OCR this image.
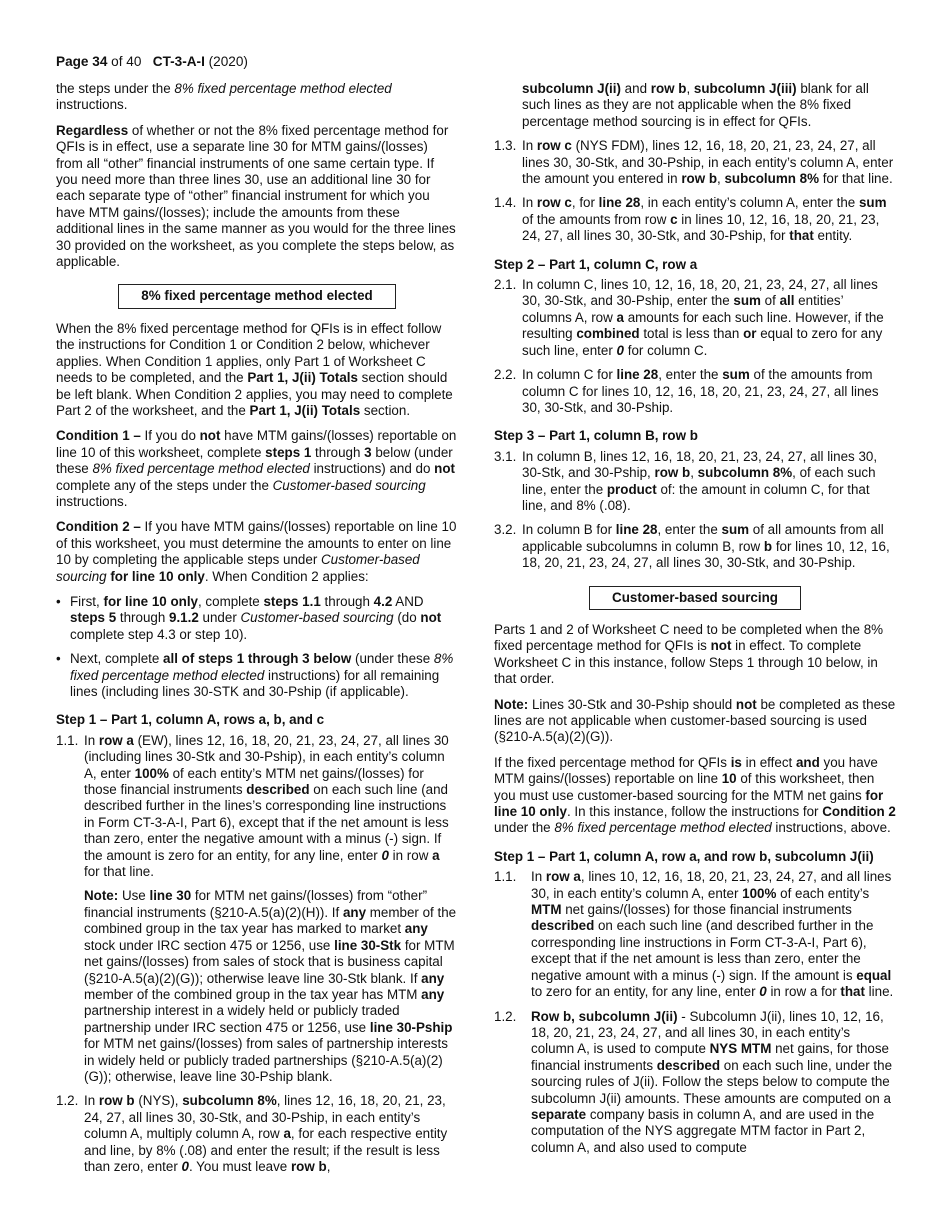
Page 34 of 40 CT-3-A-I (2020)

the steps under the 8% fixed percentage method elected instructions.

Regardless of whether or not the 8% fixed percentage method for QFIs is in effect, use a separate line 30 for MTM gains/(losses) from all “other” financial instruments of one same certain type. If you need more than three lines 30, use an additional line 30 for each separate type of “other” financial instrument for which you have MTM gains/(losses); include the amounts from these additional lines in the same manner as you would for the three lines 30 provided on the worksheet, as you complete the steps below, as applicable.

8% fixed percentage method elected

When the 8% fixed percentage method for QFIs is in effect follow the instructions for Condition 1 or Condition 2 below, whichever applies. When Condition 1 applies, only Part 1 of Worksheet C needs to be completed, and the Part 1, J(ii) Totals section should be left blank. When Condition 2 applies, you may need to complete Part 2 of the worksheet, and the Part 1, J(ii) Totals section.

Condition 1 – If you do not have MTM gains/(losses) reportable on line 10 of this worksheet, complete steps 1 through 3 below (under these 8% fixed percentage method elected instructions) and do not complete any of the steps under the Customer-based sourcing instructions.

Condition 2 – If you have MTM gains/(losses) reportable on line 10 of this worksheet, you must determine the amounts to enter on line 10 by completing the applicable steps under Customer-based sourcing for line 10 only. When Condition 2 applies:

• First, for line 10 only, complete steps 1.1 through 4.2 AND steps 5 through 9.1.2 under Customer-based sourcing (do not complete step 4.3 or step 10).
• Next, complete all of steps 1 through 3 below (under these 8% fixed percentage method elected instructions) for all remaining lines (including lines 30-STK and 30-Pship (if applicable).
Step 1 – Part 1, column A, rows a, b, and c
1.1. In row a (EW), lines 12, 16, 18, 20, 21, 23, 24, 27, all lines 30 (including lines 30-Stk and 30-Pship), in each entity’s column A, enter 100% of each entity’s MTM net gains/(losses) for those financial instruments described on each such line (and described further in the lines’s corresponding line instructions in Form CT-3-A-I, Part 6), except that if the net amount is less than zero, enter the negative amount with a minus (-) sign. If the amount is zero for an entity, for any line, enter 0 in row a for that line.
Note: Use line 30 for MTM net gains/(losses) from “other” financial instruments (§210-A.5(a)(2)(H)). If any member of the combined group in the tax year has marked to market any stock under IRC section 475 or 1256, use line 30-Stk for MTM net gains/(losses) from sales of stock that is business capital (§210-A.5(a)(2)(G)); otherwise leave line 30-Stk blank. If any member of the combined group in the tax year has MTM any partnership interest in a widely held or publicly traded partnership under IRC section 475 or 1256, use line 30-Pship for MTM net gains/(losses) from sales of partnership interests in widely held or publicly traded partnerships (§210-A.5(a)(2)(G)); otherwise, leave line 30-Pship blank.
1.2. In row b (NYS), subcolumn 8%, lines 12, 16, 18, 20, 21, 23, 24, 27, all lines 30, 30-Stk, and 30-Pship, in each entity’s column A, multiply column A, row a, for each respective entity and line, by 8% (.08) and enter the result; if the result is less than zero, enter 0. You must leave row b,
subcolumn J(ii) and row b, subcolumn J(iii) blank for all such lines as they are not applicable when the 8% fixed percentage method sourcing is in effect for QFIs.
1.3. In row c (NYS FDM), lines 12, 16, 18, 20, 21, 23, 24, 27, all lines 30, 30-Stk, and 30-Pship, in each entity’s column A, enter the amount you entered in row b, subcolumn 8% for that line.
1.4. In row c, for line 28, in each entity’s column A, enter the sum of the amounts from row c in lines 10, 12, 16, 18, 20, 21, 23, 24, 27, all lines 30, 30-Stk, and 30-Pship, for that entity.
Step 2 – Part 1, column C, row a
2.1. In column C, lines 10, 12, 16, 18, 20, 21, 23, 24, 27, all lines 30, 30-Stk, and 30-Pship, enter the sum of all entities’ columns A, row a amounts for each such line. However, if the resulting combined total is less than or equal to zero for any such line, enter 0 for column C.
2.2. In column C for line 28, enter the sum of the amounts from column C for lines 10, 12, 16, 18, 20, 21, 23, 24, 27, all lines 30, 30-Stk, and 30-Pship.
Step 3 – Part 1, column B, row b
3.1. In column B, lines 12, 16, 18, 20, 21, 23, 24, 27, all lines 30, 30-Stk, and 30-Pship, row b, subcolumn 8%, of each such line, enter the product of: the amount in column C, for that line, and 8% (.08).
3.2. In column B for line 28, enter the sum of all amounts from all applicable subcolumns in column B, row b for lines 10, 12, 16, 18, 20, 21, 23, 24, 27, all lines 30, 30-Stk, and 30-Pship.
Customer-based sourcing

Parts 1 and 2 of Worksheet C need to be completed when the 8% fixed percentage method for QFIs is not in effect. To complete Worksheet C in this instance, follow Steps 1 through 10 below, in that order.

Note: Lines 30-Stk and 30-Pship should not be completed as these lines are not applicable when customer-based sourcing is used (§210-A.5(a)(2)(G)).

If the fixed percentage method for QFIs is in effect and you have MTM gains/(losses) reportable on line 10 of this worksheet, then you must use customer-based sourcing for the MTM net gains for line 10 only. In this instance, follow the instructions for Condition 2 under the 8% fixed percentage method elected instructions, above.

Step 1 – Part 1, column A, row a, and row b, subcolumn J(ii)
1.1.	In row a, lines 10, 12, 16, 18, 20, 21, 23, 24, 27, and all lines 30, in each entity’s column A, enter 100% of each entity’s MTM net gains/(losses) for those financial instruments described on each such line (and described further in the corresponding line instructions in Form CT-3-A-I, Part 6), except that if the net amount is less than zero, enter the negative amount with a minus (-) sign. If the amount is equal to zero for an entity, for any line, enter 0 in row a for that line.
1.2.	Row b, subcolumn J(ii) - Subcolumn J(ii), lines 10, 12, 16, 18, 20, 21, 23, 24, 27, and all lines 30, in each entity’s column A, is used to compute NYS MTM net gains, for those financial instruments described on each such line, under the sourcing rules of J(ii). Follow the steps below to compute the subcolumn J(ii) amounts. These amounts are computed on a separate company basis in column A, and are used in the computation of the NYS aggregate MTM factor in Part 2, column A, and also used to compute
